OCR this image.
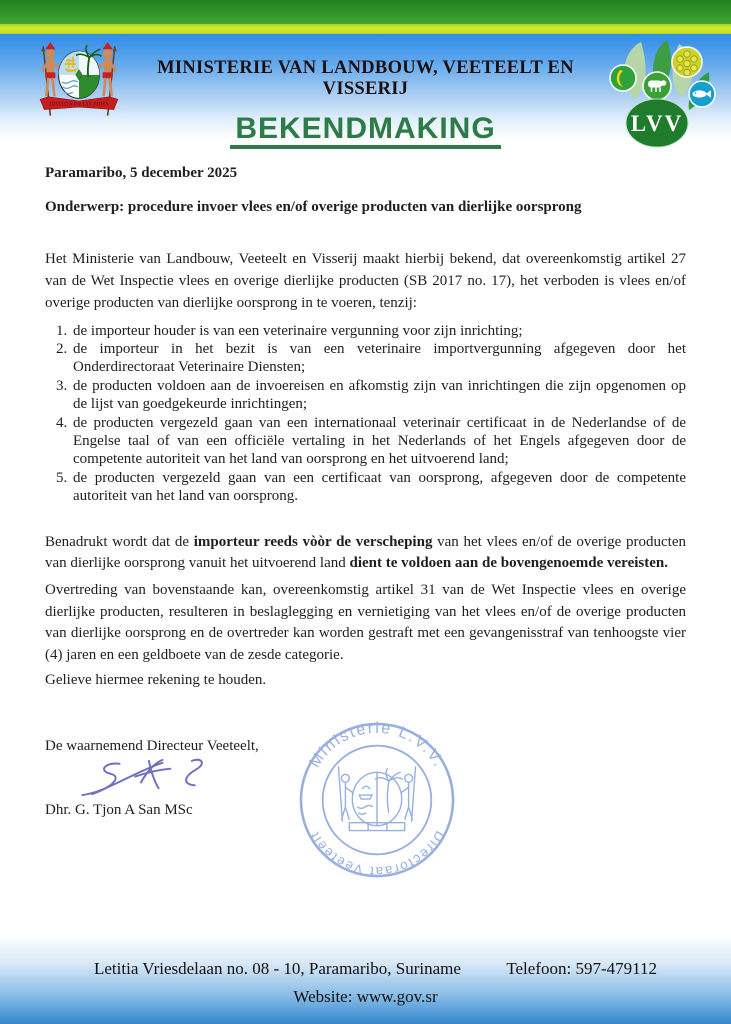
JUSTITIA PIETAS FIDES
MINISTERIE VAN LANDBOUW, VEETEELT EN VISSERIJ
LVV
BEKENDMAKING

Paramaribo, 5 december 2025

Onderwerp: procedure invoer vlees en/of overige producten van dierlijke oorsprong

Het Ministerie van Landbouw, Veeteelt en Visserij maakt hierbij bekend, dat overeenkomstig artikel 27 van de Wet Inspectie vlees en overige dierlijke producten (SB 2017 no. 17), het verboden is vlees en/of overige producten van dierlijke oorsprong in te voeren, tenzij:

1. de importeur houder is van een veterinaire vergunning voor zijn inrichting;
2. de importeur in het bezit is van een veterinaire importvergunning afgegeven door het Onderdirectoraat Veterinaire Diensten;
3. de producten voldoen aan de invoereisen en afkomstig zijn van inrichtingen die zijn opgenomen op de lijst van goedgekeurde inrichtingen;
4. de producten vergezeld gaan van een internationaal veterinair certificaat in de Nederlandse of de Engelse taal of van een officiële vertaling in het Nederlands of het Engels afgegeven door de competente autoriteit van het land van oorsprong en het uitvoerend land;
5. de producten vergezeld gaan van een certificaat van oorsprong, afgegeven door de competente autoriteit van het land van oorsprong.

Benadrukt wordt dat de importeur reeds vòòr de verscheping van het vlees en/of de overige producten van dierlijke oorsprong vanuit het uitvoerend land dient te voldoen aan de bovengenoemde vereisten.

Overtreding van bovenstaande kan, overeenkomstig artikel 31 van de Wet Inspectie vlees en overige dierlijke producten, resulteren in beslaglegging en vernietiging van het vlees en/of de overige producten van dierlijke oorsprong en de overtreder kan worden gestraft met een gevangenisstraf van tenhoogste vier (4) jaren en een geldboete van de zesde categorie.

Gelieve hiermee rekening te houden.

De waarnemend Directeur Veeteelt,

Dhr. G. Tjon A San MSc

Ministerie L.V.V.
Directoraat Veeteelt
Letitia Vriesdelaan no. 08 - 10, Paramaribo, Suriname	Telefoon: 597-479112
Website: www.gov.sr
